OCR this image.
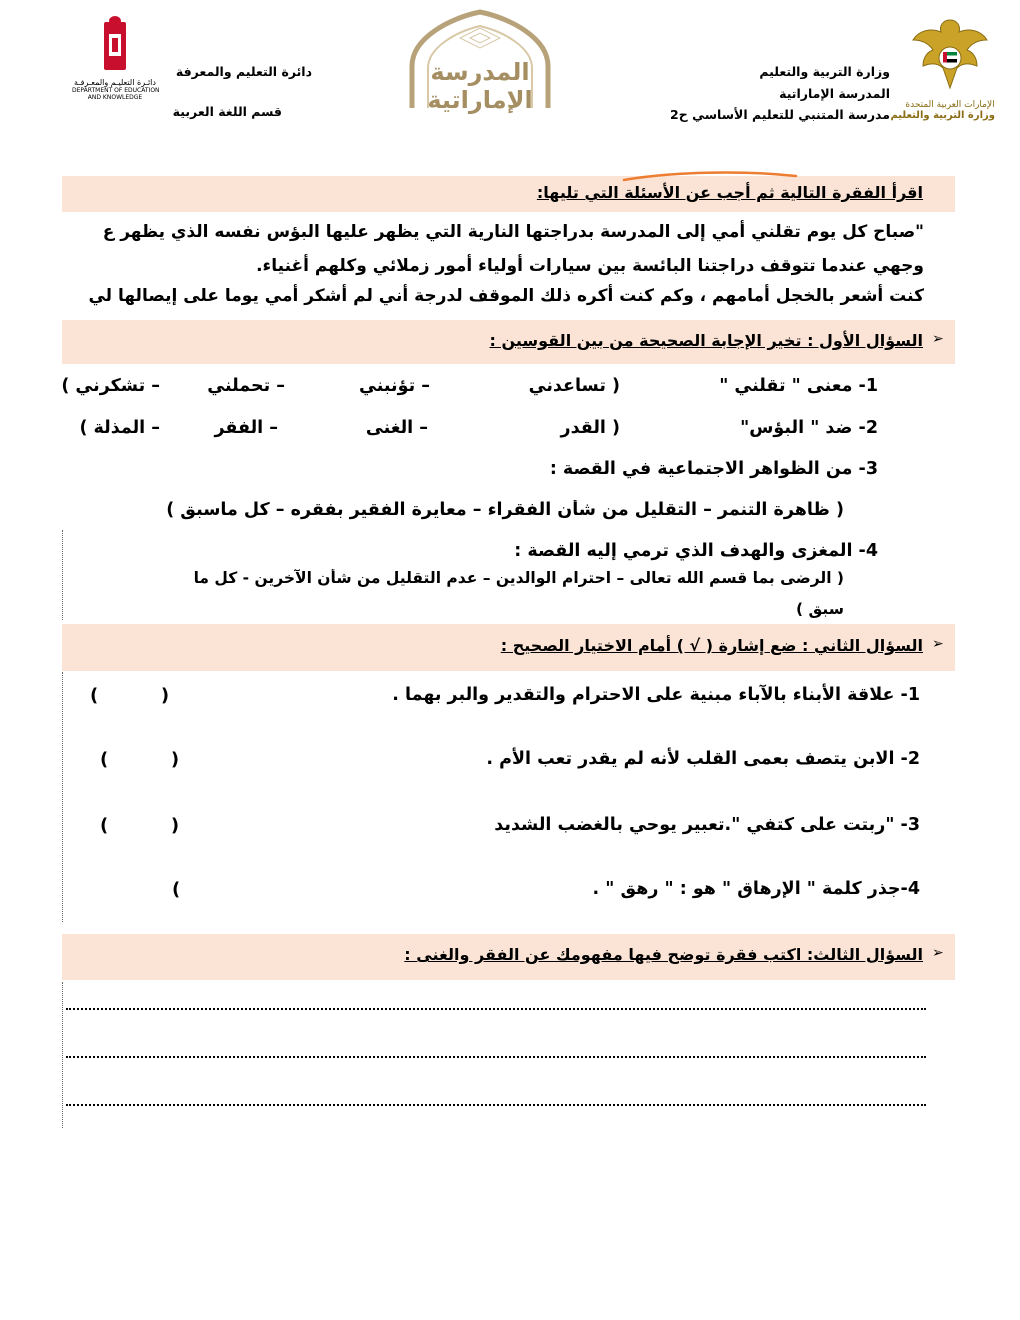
الإمارات العربية المتحدة
وزارة التربية والتعليم
وزارة التربية والتعليم
المدرسة الإماراتية
مدرسة المتنبي للتعليم الأساسي ح2
المدرسة
الإماراتية
دائرة التعليم والمعرفة
قسم اللغة العربية
دائـرة التعليـم والمعـرفـة
DEPARTMENT OF EDUCATION
AND KNOWLEDGE
اقرأ الفقرة التالية ثم أجب عن الأسئلة التي تليها:
"صباح كل يوم تقلني أمي إلى المدرسة بدراجتها النارية التي يظهر عليها البؤس نفسه الذي يظهر ع
وجهي عندما تتوقف دراجتنا البائسة بين سيارات أولياء أمور زملائي وكلهم أغنياء.
كنت أشعر بالخجل أمامهم ، وكم كنت أكره ذلك الموقف لدرجة أني لم أشكر أمي يوما على إيصالها لي
➢
السؤال الأول : تخير الإجابة الصحيحة من بين القوسين :
1- معنى " تقلني "
( تساعدني
– تؤنبني
– تحملني
– تشكرني )
2- ضد " البؤس"
( القدر
– الغنى
– الفقر
– المذلة )
3- من الظواهر الاجتماعية في القصة :
( ظاهرة التنمر – التقليل من شأن الفقراء – معايرة الفقير بفقره – كل ماسبق )
4- المغزى والهدف الذي ترمي إليه القصة :
( الرضى بما قسم الله تعالى – احترام الوالدين – عدم التقليل من شأن الآخرين - كل ما
سبق )
➢
السؤال الثاني : ضع إشارة ( √ ) أمام الاختيار الصحيح :
1- علاقة الأبناء بالآباء مبنية على الاحترام والتقدير والبر بهما .
(          )
2- الابن يتصف بعمى القلب لأنه لم يقدر تعب الأم .
(          )
3- "ربتت على كتفي ".تعبير يوحي بالغضب الشديد
(          )
4-جذر كلمة " الإرهاق " هو : " رهق " .
(
➢
السؤال الثالث: اكتب فقرة توضح فيها مفهومك عن الفقر والغنى :
